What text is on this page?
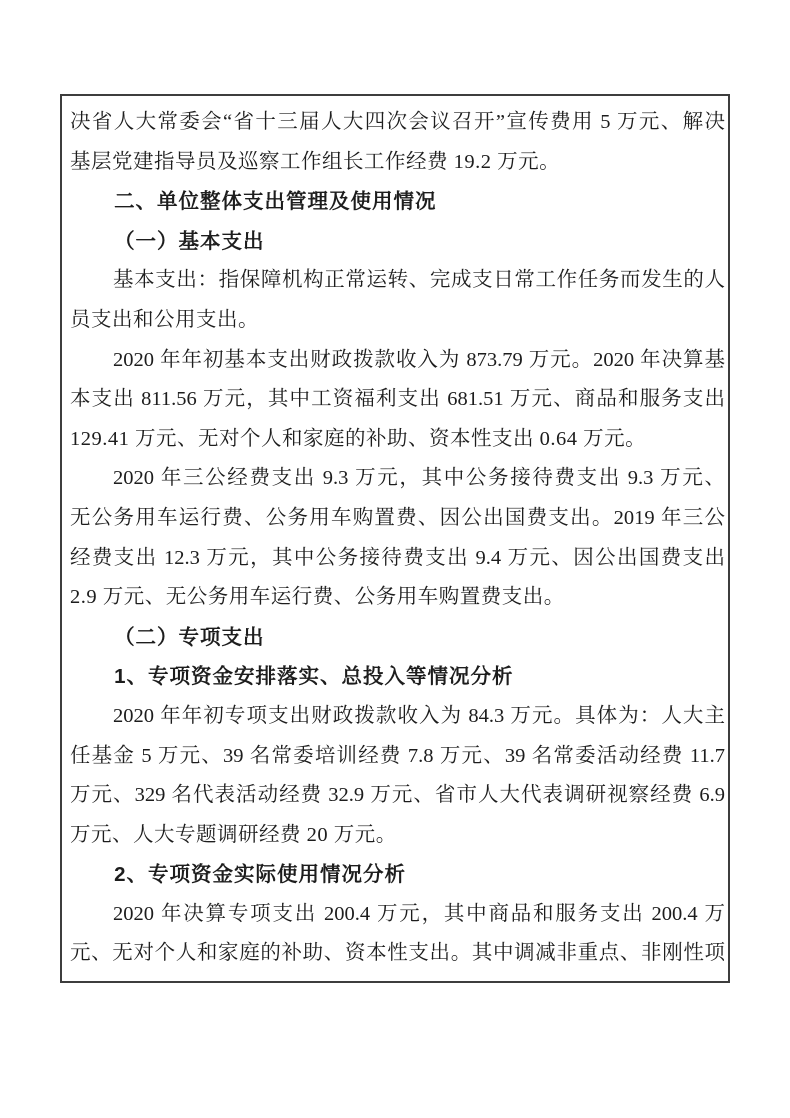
决省人大常委会“省十三届人大四次会议召开”宣传费用 5 万元、解决
基层党建指导员及巡察工作组长工作经费 19.2 万元。
二、单位整体支出管理及使用情况
（一）基本支出
基本支出：指保障机构正常运转、完成支日常工作任务而发生的人
员支出和公用支出。
2020 年年初基本支出财政拨款收入为 873.79 万元。2020 年决算基
本支出 811.56 万元，其中工资福利支出 681.51 万元、商品和服务支出
129.41 万元、无对个人和家庭的补助、资本性支出 0.64 万元。
2020 年三公经费支出 9.3 万元，其中公务接待费支出 9.3 万元、
无公务用车运行费、公务用车购置费、因公出国费支出。2019 年三公
经费支出 12.3 万元，其中公务接待费支出 9.4 万元、因公出国费支出
2.9 万元、无公务用车运行费、公务用车购置费支出。
（二）专项支出
1、专项资金安排落实、总投入等情况分析
2020 年年初专项支出财政拨款收入为 84.3 万元。具体为：人大主
任基金 5 万元、39 名常委培训经费 7.8 万元、39 名常委活动经费 11.7
万元、329 名代表活动经费 32.9 万元、省市人大代表调研视察经费 6.9
万元、人大专题调研经费 20 万元。
2、专项资金实际使用情况分析
2020 年决算专项支出 200.4 万元，其中商品和服务支出 200.4 万
元、无对个人和家庭的补助、资本性支出。其中调减非重点、非刚性项
